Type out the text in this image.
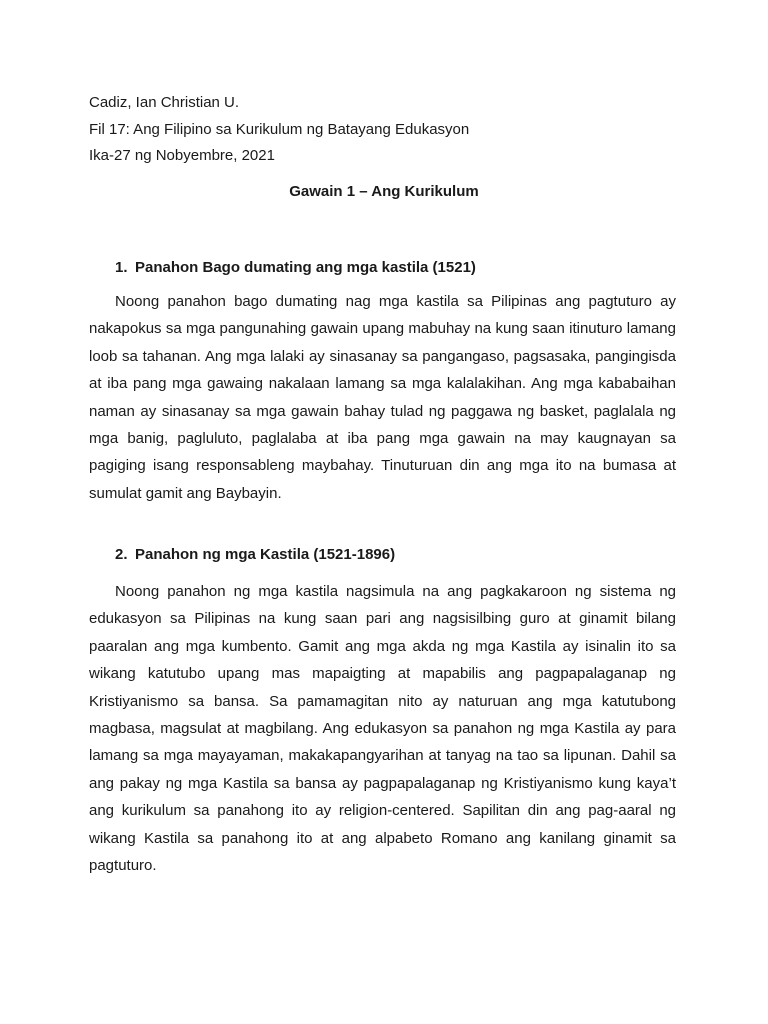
Cadiz, Ian Christian U.
Fil 17: Ang Filipino sa Kurikulum ng Batayang Edukasyon
Ika-27 ng Nobyembre, 2021
Gawain 1 – Ang Kurikulum
1. Panahon Bago dumating ang mga kastila (1521)

Noong panahon bago dumating nag mga kastila sa Pilipinas ang pagtuturo ay nakapokus sa mga pangunahing gawain upang mabuhay na kung saan itinuturo lamang loob sa tahanan. Ang mga lalaki ay sinasanay sa pangangaso, pagsasaka, pangingisda at iba pang mga gawaing nakalaan lamang sa mga kalalakihan. Ang mga kababaihan naman ay sinasanay sa mga gawain bahay tulad ng paggawa ng basket, paglalala ng mga banig, pagluluto, paglalaba at iba pang mga gawain na may kaugnayan sa pagiging isang responsableng maybahay. Tinuturuan din ang mga ito na bumasa at sumulat gamit ang Baybayin.

2. Panahon ng mga Kastila (1521-1896)

Noong panahon ng mga kastila nagsimula na ang pagkakaroon ng sistema ng edukasyon sa Pilipinas na kung saan pari ang nagsisilbing guro at ginamit bilang paaralan ang mga kumbento. Gamit ang mga akda ng mga Kastila ay isinalin ito sa wikang katutubo upang mas mapaigting at mapabilis ang pagpapalaganap ng Kristiyanismo sa bansa. Sa pamamagitan nito ay naturuan ang mga katutubong magbasa, magsulat at magbilang. Ang edukasyon sa panahon ng mga Kastila ay para lamang sa mga mayayaman, makakapangyarihan at tanyag na tao sa lipunan. Dahil sa ang pakay ng mga Kastila sa bansa ay pagpapalaganap ng Kristiyanismo kung kaya’t ang kurikulum sa panahong ito ay religion-centered. Sapilitan din ang pag-aaral ng wikang Kastila sa panahong ito at ang alpabeto Romano ang kanilang ginamit sa pagtuturo.
